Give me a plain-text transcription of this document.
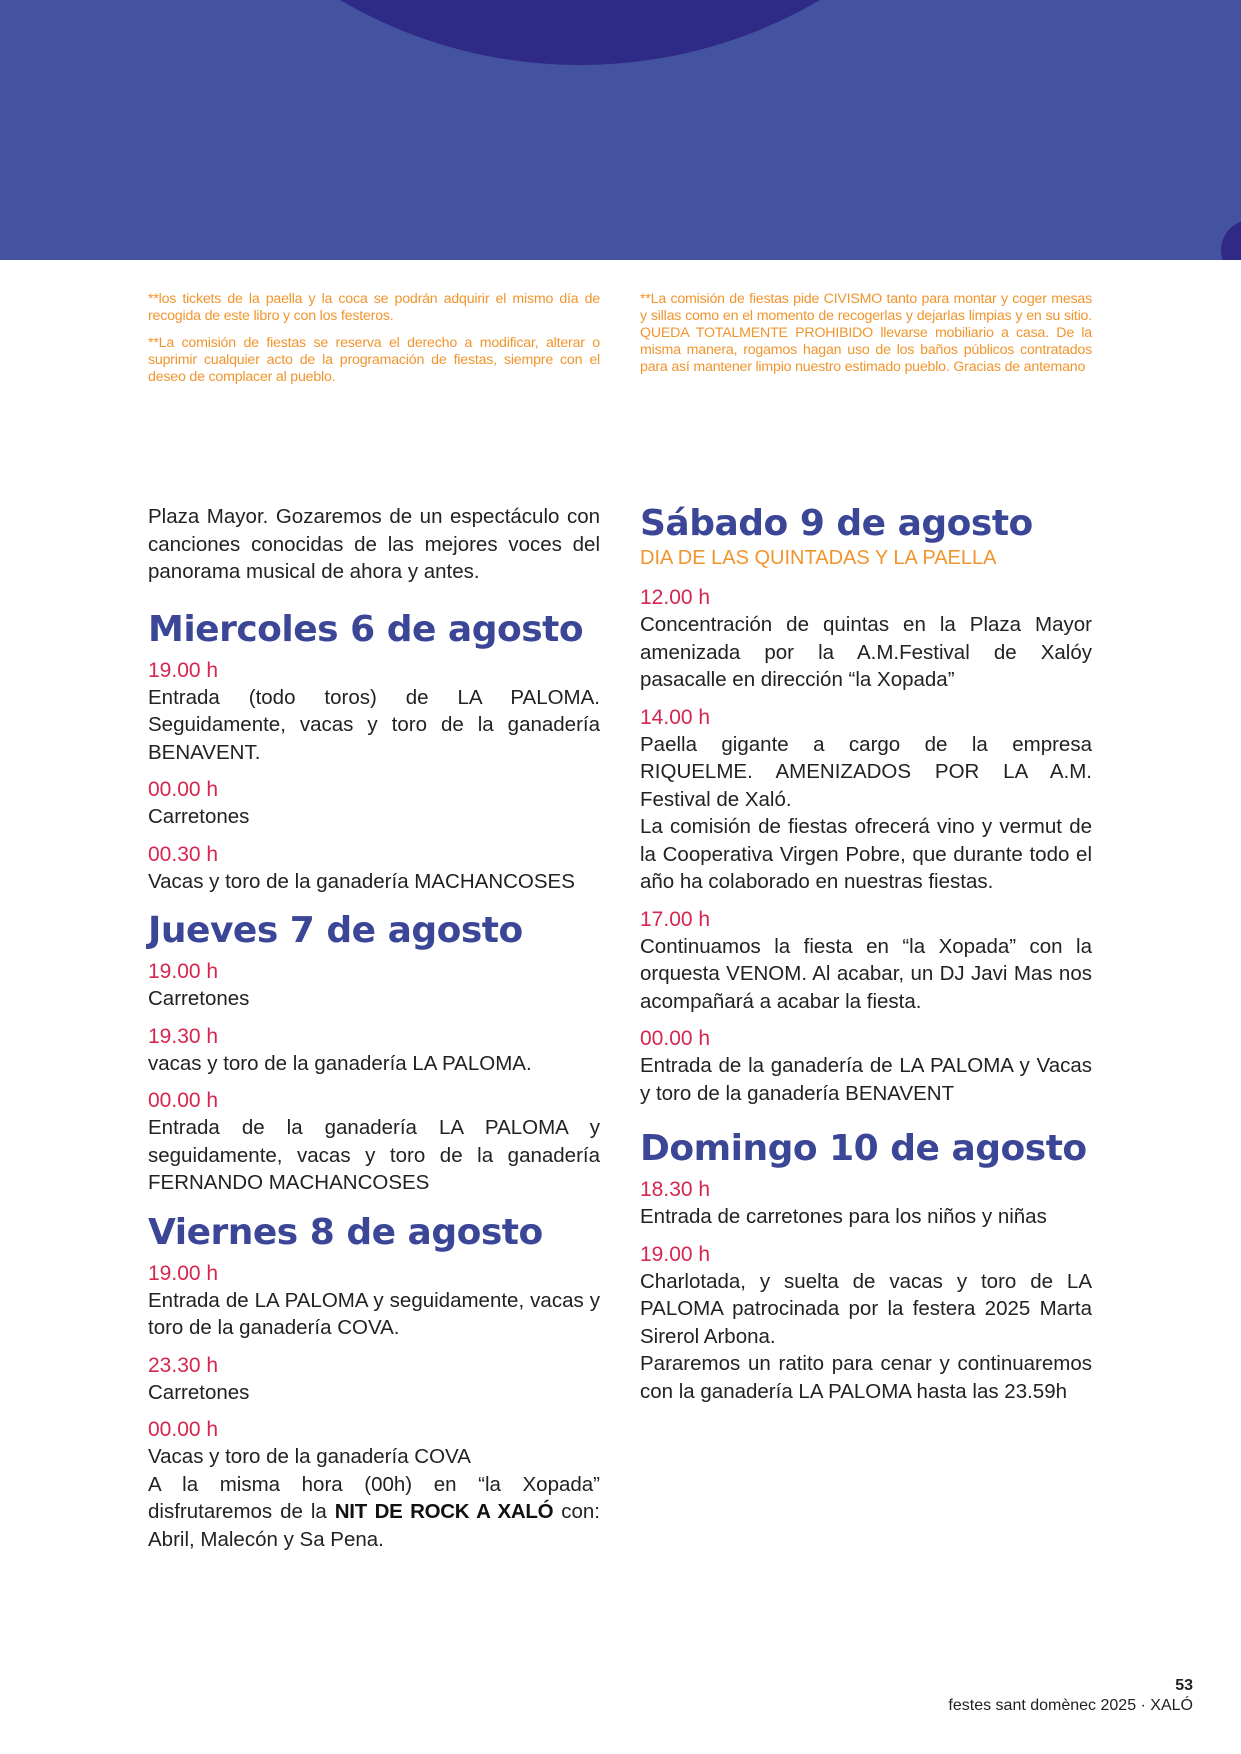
**los tickets de la paella y la coca se podrán adquirir el mismo día de recogida de este libro y con los festeros.

**La comisión de fiestas se reserva el derecho a modificar, alterar o suprimir cualquier acto de la programación de fiestas, siempre con el deseo de complacer al pueblo.

**La comisión de fiestas pide CIVISMO tanto para montar y coger mesas y sillas como en el momento de recogerlas y dejarlas limpias y en su sitio. QUEDA TOTALMENTE PROHIBIDO llevarse mobiliario a casa. De la misma manera, rogamos hagan uso de los baños públicos contratados para así mantener limpio nuestro estimado pueblo. Gracias de antemano

Plaza Mayor. Gozaremos de un espectáculo con canciones conocidas de las mejores voces del panorama musical de ahora y antes.

Miercoles 6 de agosto

19.00 h

Entrada (todo toros) de LA PALOMA. Seguidamente, vacas y toro de la ganadería BENAVENT.

00.00 h

Carretones

00.30 h

Vacas y toro de la ganadería MACHANCOSES

Jueves 7 de agosto

19.00 h

Carretones

19.30 h

vacas y toro de la ganadería LA PALOMA.

00.00 h

Entrada de la ganadería LA PALOMA y seguidamente, vacas y toro de la ganadería FERNANDO MACHANCOSES

Viernes 8 de agosto

19.00 h

Entrada de LA PALOMA y seguidamente, vacas y toro de la ganadería COVA.

23.30 h

Carretones

00.00 h

Vacas y toro de la ganadería COVA

A la misma hora (00h) en “la Xopada” disfrutaremos de la NIT DE ROCK A XALÓ con: Abril, Malecón y Sa Pena.

Sábado 9 de agosto

DIA DE LAS QUINTADAS Y LA PAELLA

12.00 h

Concentración de quintas en la Plaza Mayor amenizada por la A.M.Festival de Xalóy pasacalle en dirección “la Xopada”

14.00 h

Paella gigante a cargo de la empresa RIQUELME. AMENIZADOS POR LA A.M. Festival de Xaló.

La comisión de fiestas ofrecerá vino y vermut de la Cooperativa Virgen Pobre, que durante todo el año ha colaborado en nuestras fiestas.

17.00 h

Continuamos la fiesta en “la Xopada” con la orquesta VENOM. Al acabar, un DJ Javi Mas nos acompañará a acabar la fiesta.

00.00 h

Entrada de la ganadería de LA PALOMA y Vacas y toro de la ganadería BENAVENT

Domingo 10 de agosto

18.30 h

Entrada de carretones para los niños y niñas

19.00 h

Charlotada, y suelta de vacas y toro de LA PALOMA patrocinada por la festera 2025 Marta Sirerol Arbona.

Pararemos un ratito para cenar y continuaremos con la ganadería LA PALOMA hasta las 23.59h

53
festes sant domènec 2025 · XALÓ
